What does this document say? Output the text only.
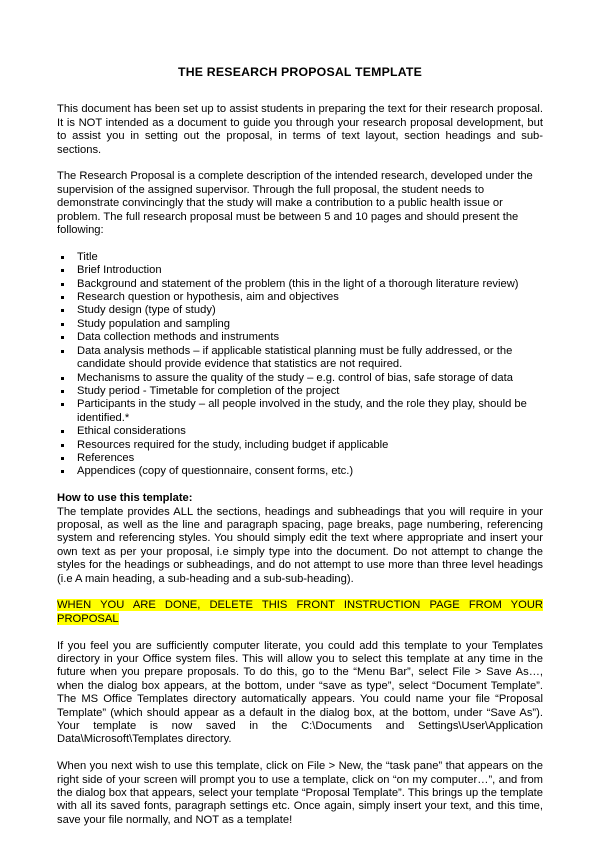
THE RESEARCH PROPOSAL TEMPLATE

This document has been set up to assist students in preparing the text for their research proposal. It is NOT intended as a document to guide you through your research proposal development, but to assist you in setting out the proposal, in terms of text layout, section headings and sub-sections.

The Research Proposal is a complete description of the intended research, developed under the supervision of the assigned supervisor. Through the full proposal, the student needs to demonstrate convincingly that the study will make a contribution to a public health issue or problem. The full research proposal must be between 5 and 10 pages and should present the following:

Title
Brief Introduction
Background and statement of the problem (this in the light of a thorough literature review)
Research question or hypothesis, aim and objectives
Study design (type of study)
Study population and sampling
Data collection methods and instruments
Data analysis methods – if applicable statistical planning must be fully addressed, or the candidate should provide evidence that statistics are not required.
Mechanisms to assure the quality of the study – e.g. control of bias, safe storage of data
Study period - Timetable for completion of the project
Participants in the study – all people involved in the study, and the role they play, should be identified.*
Ethical considerations
Resources required for the study, including budget if applicable
References
Appendices (copy of questionnaire, consent forms, etc.)

How to use this template:

The template provides ALL the sections, headings and subheadings that you will require in your proposal, as well as the line and paragraph spacing, page breaks, page numbering, referencing system and referencing styles. You should simply edit the text where appropriate and insert your own text as per your proposal, i.e simply type into the document. Do not attempt to change the styles for the headings or subheadings, and do not attempt to use more than three level headings (i.e A main heading, a sub-heading and a sub-sub-heading).

WHEN YOU ARE DONE, DELETE THIS FRONT INSTRUCTION PAGE FROM YOUR PROPOSAL

If you feel you are sufficiently computer literate, you could add this template to your Templates directory in your Office system files. This will allow you to select this template at any time in the future when you prepare proposals. To do this, go to the “Menu Bar”, select File > Save As…, when the dialog box appears, at the bottom, under “save as type”, select “Document Template”. The MS Office Templates directory automatically appears. You could name your file “Proposal Template” (which should appear as a default in the dialog box, at the bottom, under “Save As”). Your template is now saved in the C:\Documents and Settings\User\Application Data\Microsoft\Templates directory.

When you next wish to use this template, click on File > New, the “task pane” that appears on the right side of your screen will prompt you to use a template, click on “on my computer…”, and from the dialog box that appears, select your template “Proposal Template”. This brings up the template with all its saved fonts, paragraph settings etc. Once again, simply insert your text, and this time, save your file normally, and NOT as a template!
